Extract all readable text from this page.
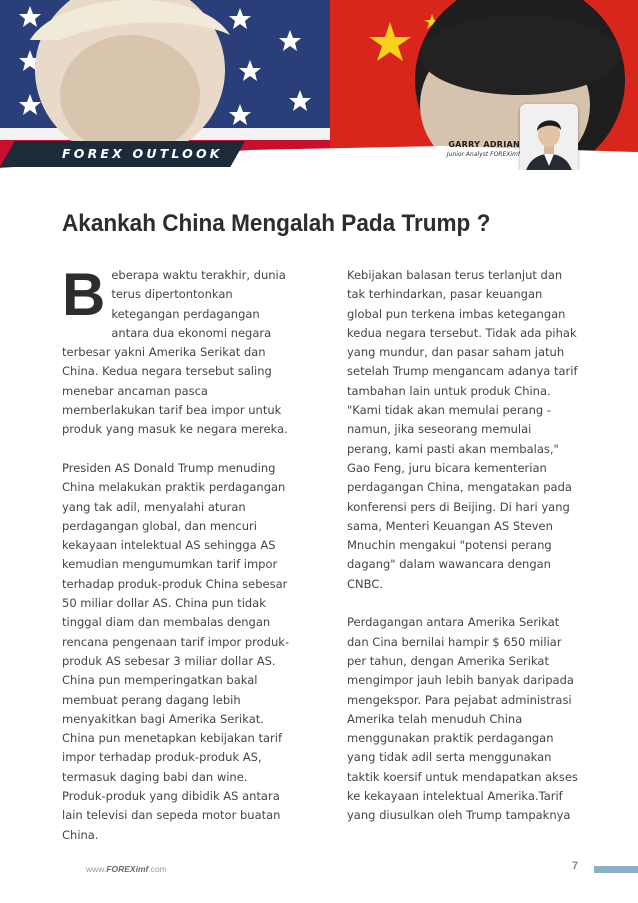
FOREX OUTLOOK
GARRY ADRIAN
Junior Analyst FOREXimf
Akankah China Mengalah Pada Trump ?

Beberapa waktu terakhir, dunia terus dipertontonkan ketegangan perdagangan antara dua ekonomi negara terbesar yakni Amerika Serikat dan China. Kedua negara tersebut saling menebar ancaman pasca memberlakukan tarif bea impor untuk produk yang masuk ke negara mereka.

Presiden AS Donald Trump menuding China melakukan praktik perdagangan yang tak adil, menyalahi aturan perdagangan global, dan mencuri kekayaan intelektual AS sehingga AS kemudian mengumumkan tarif impor terhadap produk-produk China sebesar 50 miliar dollar AS. China pun tidak tinggal diam dan membalas dengan rencana pengenaan tarif impor produk-produk AS sebesar 3 miliar dollar AS. China pun memperingatkan bakal membuat perang dagang lebih menyakitkan bagi Amerika Serikat. China pun menetapkan kebijakan tarif impor terhadap produk-produk AS, termasuk daging babi dan wine. Produk-produk yang dibidik AS antara lain televisi dan sepeda motor buatan China.

Kebijakan balasan terus terlanjut dan tak terhindarkan, pasar keuangan global pun terkena imbas ketegangan kedua negara tersebut. Tidak ada pihak yang mundur, dan pasar saham jatuh setelah Trump mengancam adanya tarif tambahan lain untuk produk China. "Kami tidak akan memulai perang - namun, jika seseorang memulai perang, kami pasti akan membalas," Gao Feng, juru bicara kementerian perdagangan China, mengatakan pada konferensi pers di Beijing. Di hari yang sama, Menteri Keuangan AS Steven Mnuchin mengakui "potensi perang dagang" dalam wawancara dengan CNBC.

Perdagangan antara Amerika Serikat dan Cina bernilai hampir $ 650 miliar per tahun, dengan Amerika Serikat mengimpor jauh lebih banyak daripada mengekspor. Para pejabat administrasi Amerika telah menuduh China menggunakan praktik perdagangan yang tidak adil serta menggunakan taktik koersif untuk mendapatkan akses ke kekayaan intelektual Amerika.Tarif yang diusulkan oleh Trump tampaknya

www.FOREXimf.com	7
